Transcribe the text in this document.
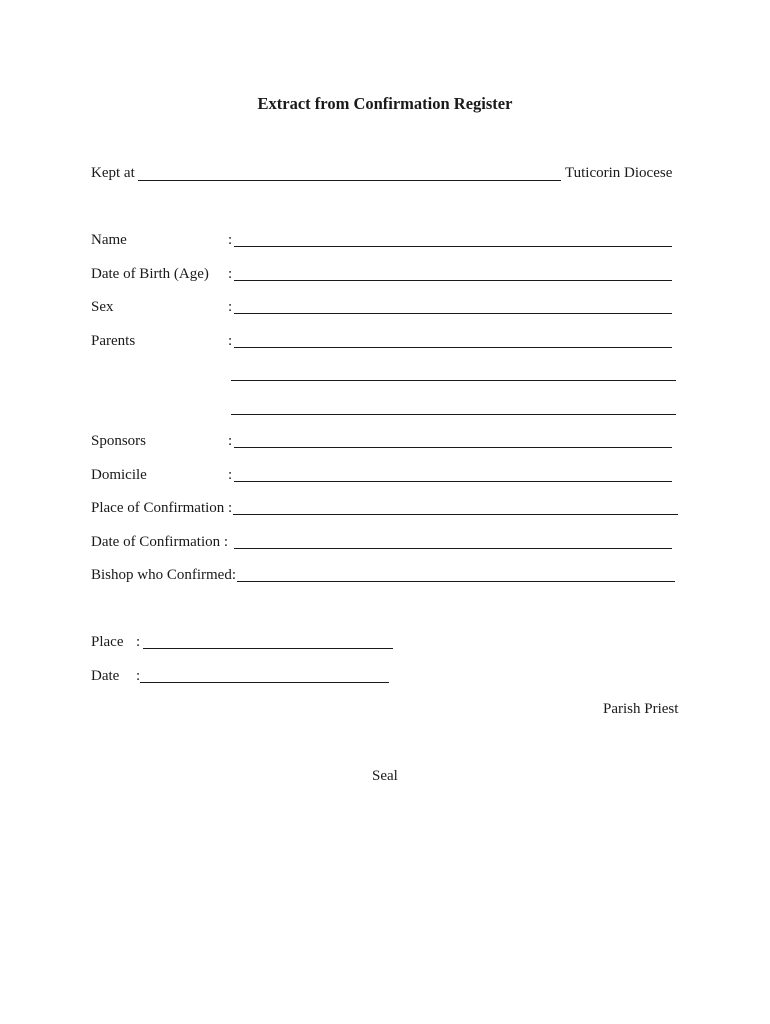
Extract from Confirmation Register
Kept at	Tuticorin Diocese
Name	:
Date of Birth (Age) :
Sex	:
Parents	:
Sponsors	:
Domicile	:
Place of Confirmation :
Date of Confirmation :
Bishop who Confirmed:
Place :
Date :
Parish Priest
Seal
